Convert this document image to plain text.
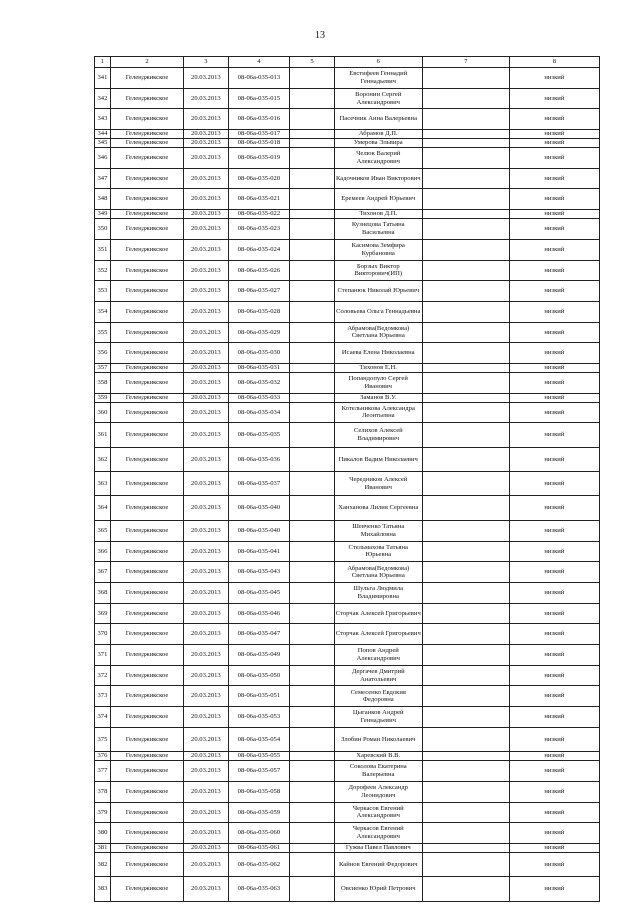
13
1	2	3	4	5	6	7	8
341	Геленджикское	20.03.2013	08-06а-035-013		Евстифеев Геннадий Геннадьевич		низкий
342	Геленджикское	20.03.2013	08-06а-035-015		Воронин Сергей Александрович		низкий
343	Геленджикское	20.03.2013	08-06а-035-016		Пасечник Анна Валерьевна		низкий
344	Геленджикское	20.03.2013	08-06а-035-017		Абрамов Д.П.		низкий
345	Геленджикское	20.03.2013	08-06а-035-018		Умерова Эльвира		низкий
346	Геленджикское	20.03.2013	08-06а-035-019		Челюк Валерий Александрович		низкий
347	Геленджикское	20.03.2013	08-06а-035-020		Кадочников Иван Викторович		низкий
348	Геленджикское	20.03.2013	08-06а-035-021		Еремеев Андрей Юрьевич		низкий
349	Геленджикское	20.03.2013	08-06а-035-022		Тихонов Д.П.		низкий
350	Геленджикское	20.03.2013	08-06а-035-023		Кузнецова Татьяна Васильевна		низкий
351	Геленджикское	20.03.2013	08-06а-035-024		Касимова Земфира Курбановна		низкий
352	Геленджикское	20.03.2013	08-06а-035-026		Борзых Виктор Викторович(ИП)		низкий
353	Геленджикское	20.03.2013	08-06а-035-027		Степанюк Николай Юрьевич		низкий
354	Геленджикское	20.03.2013	08-06а-035-028		Соловьева Ольга Геннадьевна		низкий
355	Геленджикское	20.03.2013	08-06а-035-029		Абрамова(Ведомкова) Светлана Юрьевна		низкий
356	Геленджикское	20.03.2013	08-06а-035-030		Исаева Елена Николаевна		низкий
357	Геленджикское	20.03.2013	08-06а-035-031		Тихонов Е.Н.		низкий
358	Геленджикское	20.03.2013	08-06а-035-032		Попандопуло Сергей Иванович		низкий
359	Геленджикское	20.03.2013	08-06а-035-033		Заманов В.У.		низкий
360	Геленджикское	20.03.2013	08-06а-035-034		Котельникова Александра Леонтьевна		низкий
361	Геленджикское	20.03.2013	08-06а-035-035		Селихов Алексей Владимирович		низкий
362	Геленджикское	20.03.2013	08-06а-035-036		Пикалов Вадим Николаевич		низкий
363	Геленджикское	20.03.2013	08-06а-035-037		Чередников Алексей Иванович		низкий
364	Геленджикское	20.03.2013	08-06а-035-040		Ханханова Лилия Сергеевна		низкий
365	Геленджикское	20.03.2013	08-06а-035-040		Шевченко Татьяна Михайловна		низкий
366	Геленджикское	20.03.2013	08-06а-035-041		Стельмахова Татьяна Юрьевна		низкий
367	Геленджикское	20.03.2013	08-06а-035-043		Абрамова(Ведомкова) Светлана Юрьевна		низкий
368	Геленджикское	20.03.2013	08-06а-035-045		Шульга Людмила Владимировна		низкий
369	Геленджикское	20.03.2013	08-06а-035-046		Сторчак Алексей Григорьевич		низкий
370	Геленджикское	20.03.2013	08-06а-035-047		Сторчак Алексей Григорьевич		низкий
371	Геленджикское	20.03.2013	08-06а-035-049		Попов Андрей Александрович		низкий
372	Геленджикское	20.03.2013	08-06а-035-050		Дергачев Дмитрий Анатольевич		низкий
373	Геленджикское	20.03.2013	08-06а-035-051		Семесенко Евдокия Федоровна		низкий
374	Геленджикское	20.03.2013	08-06а-035-053		Цыганков Андрей Геннадьевич		низкий
375	Геленджикское	20.03.2013	08-06а-035-054		Злобин Роман Николаевич		низкий
376	Геленджикское	20.03.2013	08-06а-035-055		Харевский В.В.		низкий
377	Геленджикское	20.03.2013	08-06а-035-057		Соколова Екатерина Валерьевна		низкий
378	Геленджикское	20.03.2013	08-06а-035-058		Дорофеев Александр Леонидович		низкий
379	Геленджикское	20.03.2013	08-06а-035-059		Черкасов Евгений Александрович		низкий
380	Геленджикское	20.03.2013	08-06а-035-060		Черкасов Евгений Александрович		низкий
381	Геленджикское	20.03.2013	08-06а-035-061		Гужва Павел Павлович		низкий
382	Геленджикское	20.03.2013	08-06а-035-062		Кайнов Евгений Федорович		низкий
383	Геленджикское	20.03.2013	08-06а-035-063		Овсиенко Юрий Петрович		низкий
